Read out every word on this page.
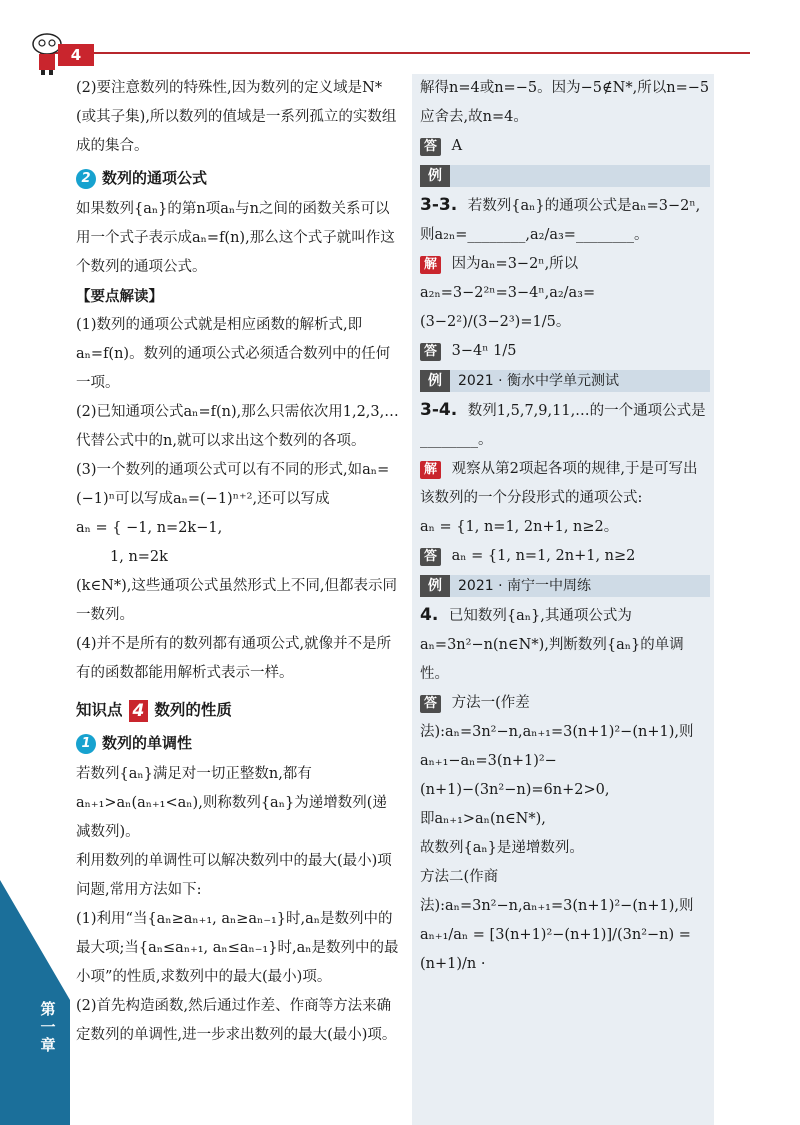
4
第一章

(2)要注意数列的特殊性,因为数列的定义域是N*(或其子集),所以数列的值域是一系列孤立的实数组成的集合。

2 数列的通项公式

如果数列{aₙ}的第n项aₙ与n之间的函数关系可以用一个式子表示成aₙ=f(n),那么这个式子就叫作这个数列的通项公式。

【要点解读】

(1)数列的通项公式就是相应函数的解析式,即aₙ=f(n)。数列的通项公式必须适合数列中的任何一项。

(2)已知通项公式aₙ=f(n),那么只需依次用1,2,3,…代替公式中的n,就可以求出这个数列的各项。

(3)一个数列的通项公式可以有不同的形式,如aₙ=(−1)ⁿ可以写成aₙ=(−1)ⁿ⁺²,还可以写成

aₙ = { −1, n=2k−1,

1, n=2k

(k∈N*),这些通项公式虽然形式上不同,但都表示同一数列。

(4)并不是所有的数列都有通项公式,就像并不是所有的函数都能用解析式表示一样。

知识点 4 数列的性质
1 数列的单调性

若数列{aₙ}满足对一切正整数n,都有aₙ₊₁>aₙ(aₙ₊₁<aₙ),则称数列{aₙ}为递增数列(递减数列)。

利用数列的单调性可以解决数列中的最大(最小)项问题,常用方法如下:

(1)利用“当{aₙ≥aₙ₊₁, aₙ≥aₙ₋₁}时,aₙ是数列中的最大项;当{aₙ≤aₙ₊₁, aₙ≤aₙ₋₁}时,aₙ是数列中的最小项”的性质,求数列中的最大(最小)项。

(2)首先构造函数,然后通过作差、作商等方法来确定数列的单调性,进一步求出数列的最大(最小)项。

解得n=4或n=−5。因为−5∉N*,所以n=−5应舍去,故n=4。

答 A

例

3-3. 若数列{aₙ}的通项公式是aₙ=3−2ⁿ,则a₂ₙ=________,a₂/a₃=________。

解 因为aₙ=3−2ⁿ,所以a₂ₙ=3−2²ⁿ=3−4ⁿ,a₂/a₃=(3−2²)/(3−2³)=1/5。

答 3−4ⁿ 1/5

例	2021 · 衡水中学单元测试

3-4. 数列1,5,7,9,11,…的一个通项公式是________。

解 观察从第2项起各项的规律,于是可写出该数列的一个分段形式的通项公式:

aₙ = {1, n=1, 2n+1, n≥2。

答 aₙ = {1, n=1, 2n+1, n≥2

例	2021 · 南宁一中周练

4. 已知数列{aₙ},其通项公式为aₙ=3n²−n(n∈N*),判断数列{aₙ}的单调性。

答 方法一(作差法):aₙ=3n²−n,aₙ₊₁=3(n+1)²−(n+1),则

aₙ₊₁−aₙ=3(n+1)²−(n+1)−(3n²−n)=6n+2>0,

即aₙ₊₁>aₙ(n∈N*),

故数列{aₙ}是递增数列。

方法二(作商法):aₙ=3n²−n,aₙ₊₁=3(n+1)²−(n+1),则

aₙ₊₁/aₙ = [3(n+1)²−(n+1)]/(3n²−n) = (n+1)/n ·
